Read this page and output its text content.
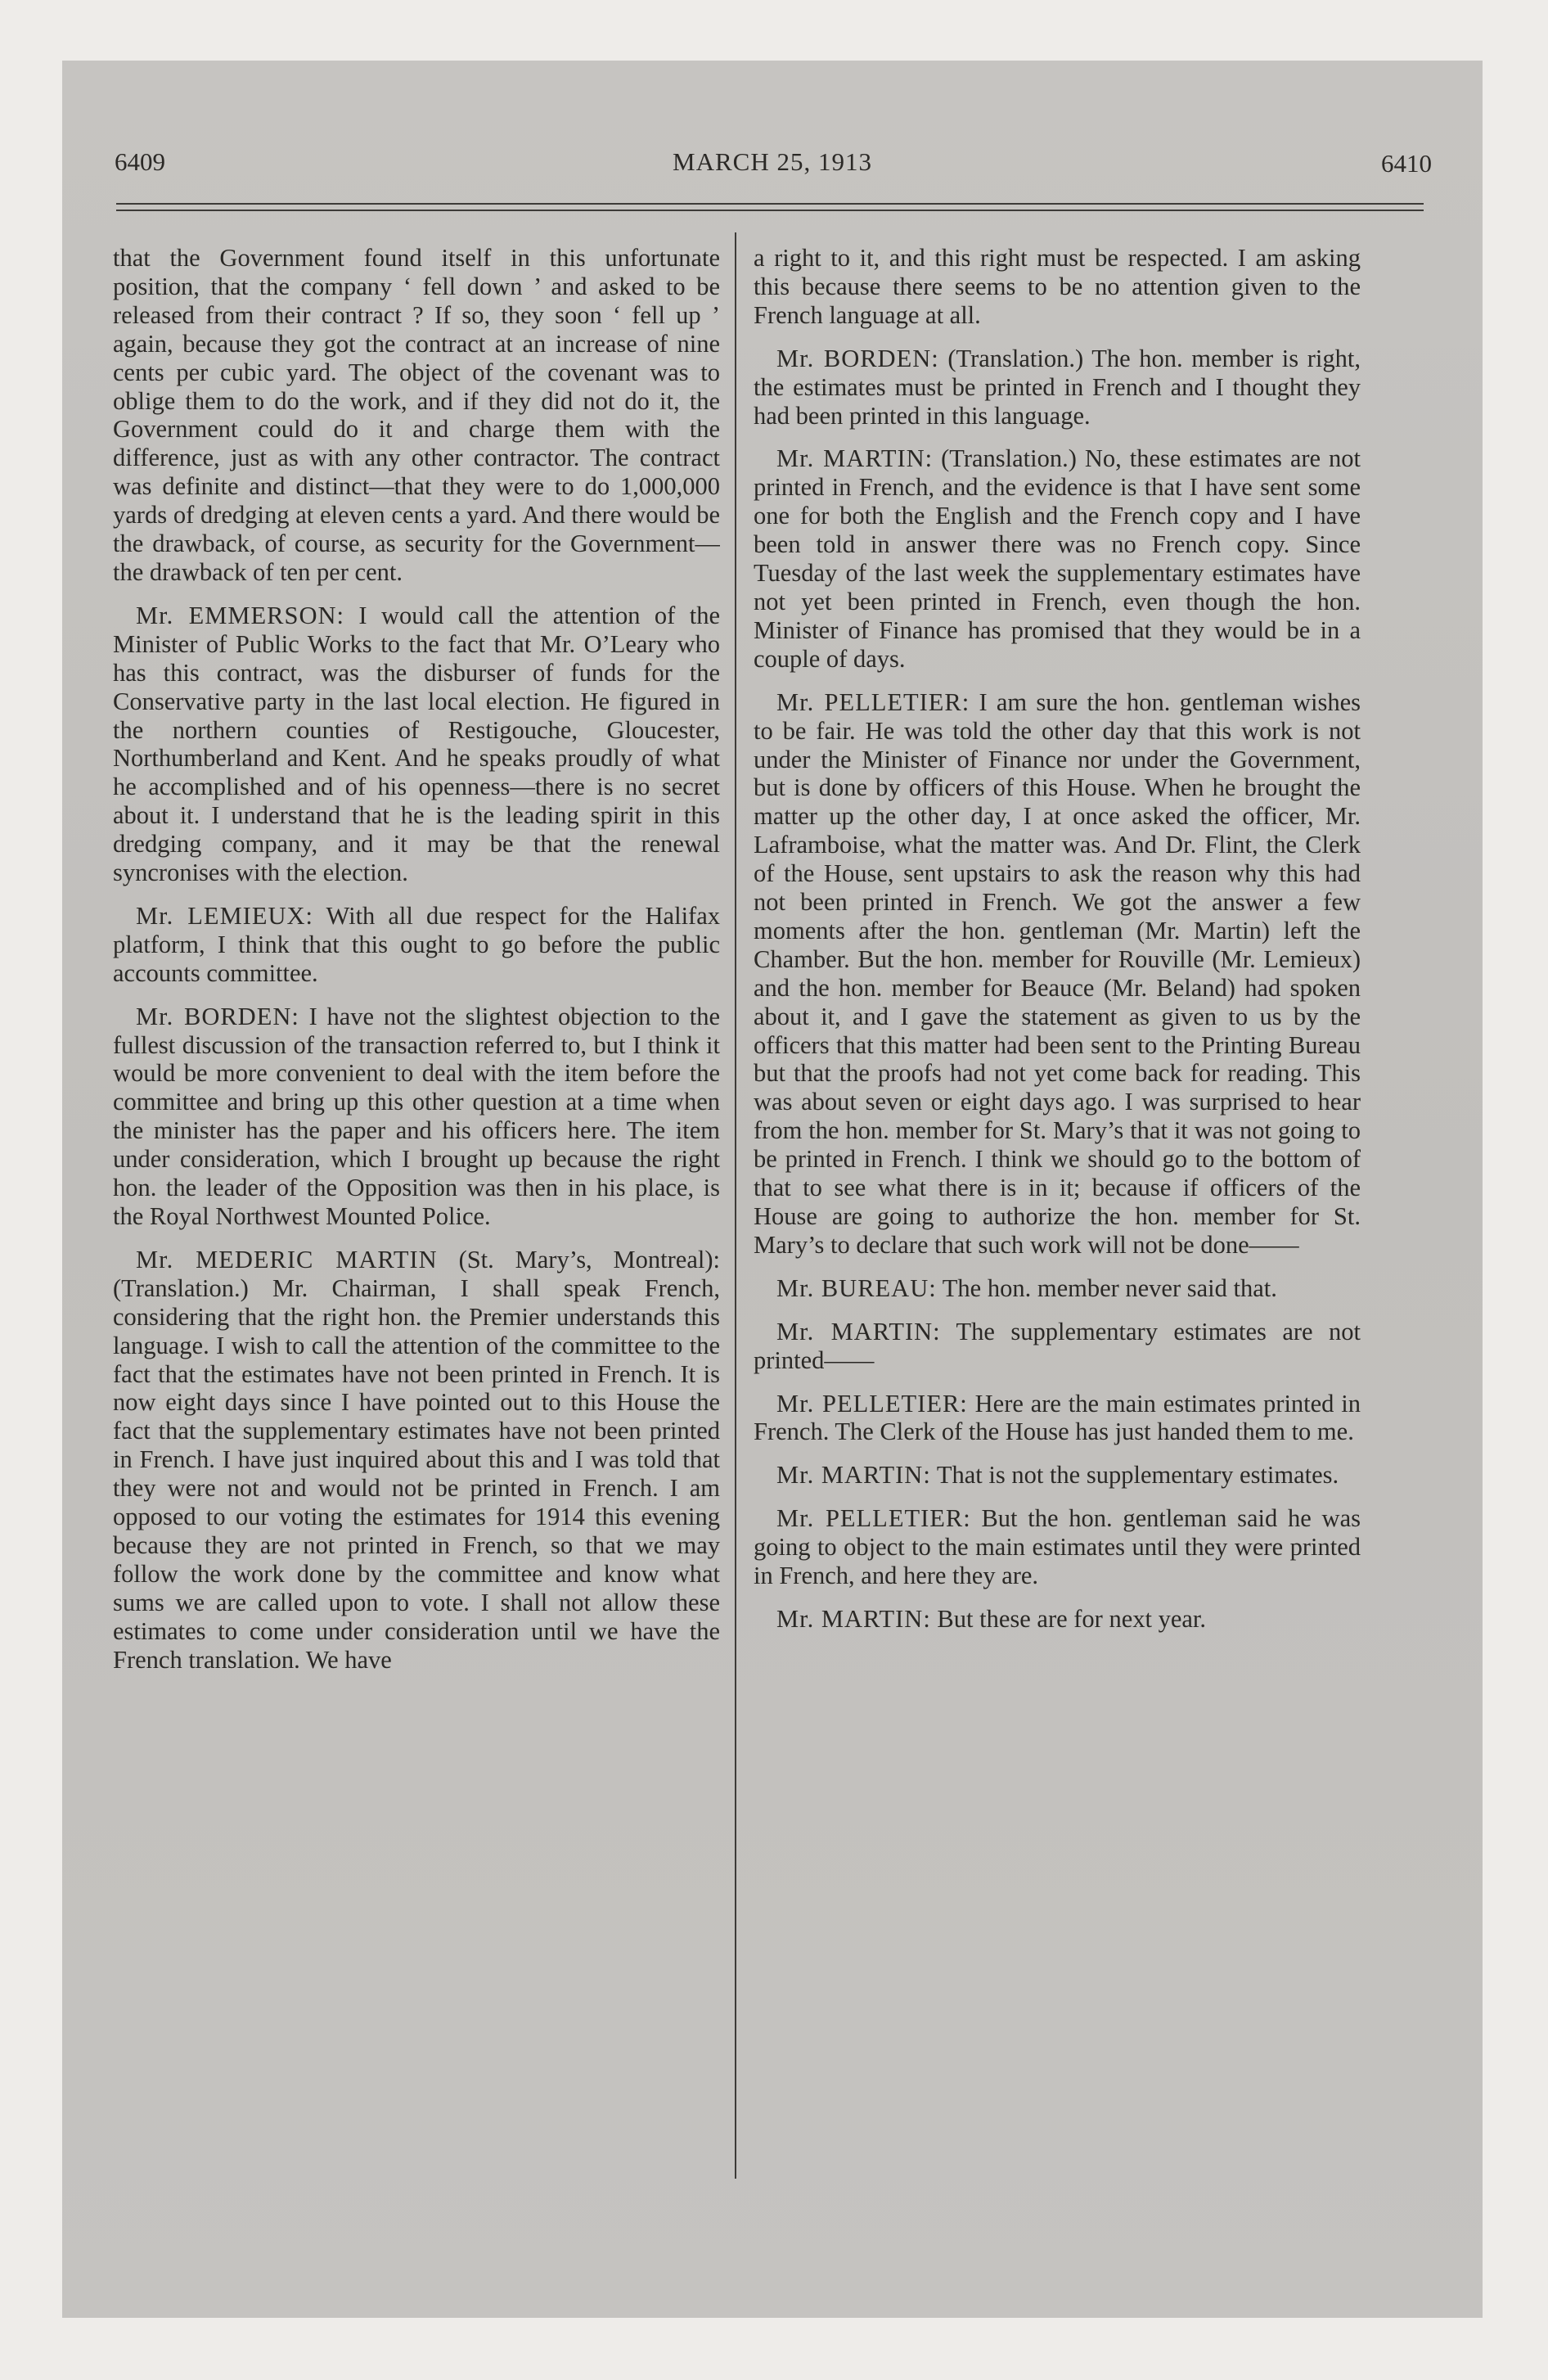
6409	MARCH 25, 1913	6410

that the Government found itself in this unfortunate position, that the company ‘ fell down ’ and asked to be released from their contract ? If so, they soon ‘ fell up ’ again, because they got the contract at an increase of nine cents per cubic yard. The object of the covenant was to oblige them to do the work, and if they did not do it, the Government could do it and charge them with the difference, just as with any other contractor. The contract was definite and distinct—that they were to do 1,000,000 yards of dredging at eleven cents a yard. And there would be the drawback, of course, as security for the Government—the drawback of ten per cent.

Mr. EMMERSON: I would call the attention of the Minister of Public Works to the fact that Mr. O’Leary who has this contract, was the disburser of funds for the Conservative party in the last local election. He figured in the northern counties of Restigouche, Gloucester, Northumberland and Kent. And he speaks proudly of what he accomplished and of his openness—there is no secret about it. I understand that he is the leading spirit in this dredging company, and it may be that the renewal syncronises with the election.

Mr. LEMIEUX: With all due respect for the Halifax platform, I think that this ought to go before the public accounts committee.

Mr. BORDEN: I have not the slightest objection to the fullest discussion of the transaction referred to, but I think it would be more convenient to deal with the item before the committee and bring up this other question at a time when the minister has the paper and his officers here. The item under consideration, which I brought up because the right hon. the leader of the Opposition was then in his place, is the Royal Northwest Mounted Police.

Mr. MEDERIC MARTIN (St. Mary’s, Montreal): (Translation.) Mr. Chairman, I shall speak French, considering that the right hon. the Premier understands this language. I wish to call the attention of the committee to the fact that the estimates have not been printed in French. It is now eight days since I have pointed out to this House the fact that the supplementary estimates have not been printed in French. I have just inquired about this and I was told that they were not and would not be printed in French. I am opposed to our voting the estimates for 1914 this evening because they are not printed in French, so that we may follow the work done by the committee and know what sums we are called upon to vote. I shall not allow these estimates to come under consideration until we have the French translation. We have

a right to it, and this right must be respected. I am asking this because there seems to be no attention given to the French language at all.

Mr. BORDEN: (Translation.) The hon. member is right, the estimates must be printed in French and I thought they had been printed in this language.

Mr. MARTIN: (Translation.) No, these estimates are not printed in French, and the evidence is that I have sent some one for both the English and the French copy and I have been told in answer there was no French copy. Since Tuesday of the last week the supplementary estimates have not yet been printed in French, even though the hon. Minister of Finance has promised that they would be in a couple of days.

Mr. PELLETIER: I am sure the hon. gentleman wishes to be fair. He was told the other day that this work is not under the Minister of Finance nor under the Government, but is done by officers of this House. When he brought the matter up the other day, I at once asked the officer, Mr. Laframboise, what the matter was. And Dr. Flint, the Clerk of the House, sent upstairs to ask the reason why this had not been printed in French. We got the answer a few moments after the hon. gentleman (Mr. Martin) left the Chamber. But the hon. member for Rouville (Mr. Lemieux) and the hon. member for Beauce (Mr. Beland) had spoken about it, and I gave the statement as given to us by the officers that this matter had been sent to the Printing Bureau but that the proofs had not yet come back for reading. This was about seven or eight days ago. I was surprised to hear from the hon. member for St. Mary’s that it was not going to be printed in French. I think we should go to the bottom of that to see what there is in it; because if officers of the House are going to authorize the hon. member for St. Mary’s to declare that such work will not be done——

Mr. BUREAU: The hon. member never said that.

Mr. MARTIN: The supplementary estimates are not printed——

Mr. PELLETIER: Here are the main estimates printed in French. The Clerk of the House has just handed them to me.

Mr. MARTIN: That is not the supplementary estimates.

Mr. PELLETIER: But the hon. gentleman said he was going to object to the main estimates until they were printed in French, and here they are.

Mr. MARTIN: But these are for next year.
